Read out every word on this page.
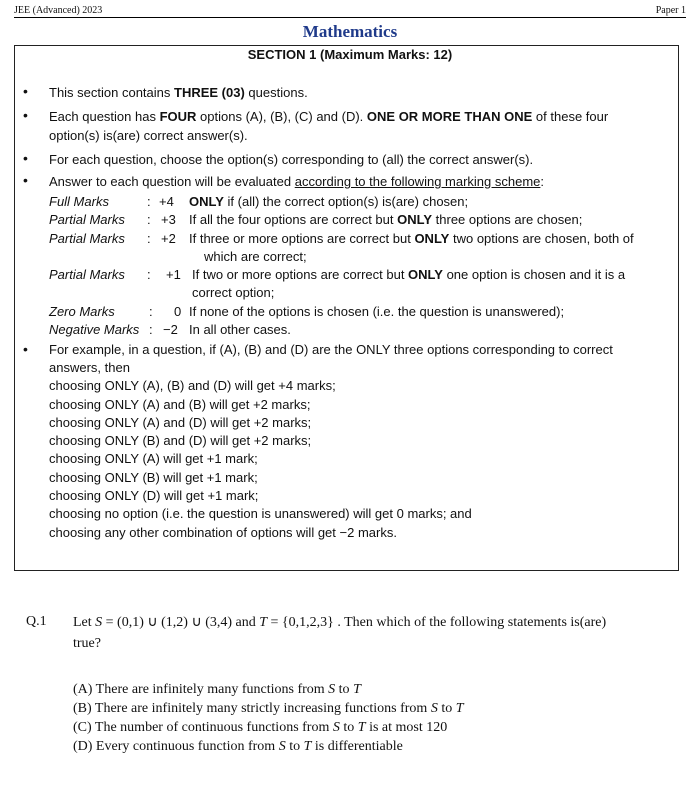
JEE (Advanced) 2023	Paper 1
Mathematics
SECTION 1 (Maximum Marks: 12)
• This section contains THREE (03) questions.
• Each question has FOUR options (A), (B), (C) and (D). ONE OR MORE THAN ONE of these four
option(s) is(are) correct answer(s).
• For each question, choose the option(s) corresponding to (all) the correct answer(s).
• Answer to each question will be evaluated according to the following marking scheme:
Full Marks	: +4 ONLY if (all) the correct option(s) is(are) chosen;
Partial Marks : +3 If all the four options are correct but ONLY three options are chosen;
Partial Marks : +2 If three or more options are correct but ONLY two options are chosen, both of
which are correct;
Partial Marks : +1 If two or more options are correct but ONLY one option is chosen and it is a
correct option;
Zero Marks	: 0 If none of the options is chosen (i.e. the question is unanswered);
Negative Marks : −2 In all other cases.
• For example, in a question, if (A), (B) and (D) are the ONLY three options corresponding to correct
answers, then
choosing ONLY (A), (B) and (D) will get +4 marks;
choosing ONLY (A) and (B) will get +2 marks;
choosing ONLY (A) and (D) will get +2 marks;
choosing ONLY (B) and (D) will get +2 marks;
choosing ONLY (A) will get +1 mark;
choosing ONLY (B) will get +1 mark;
choosing ONLY (D) will get +1 mark;
choosing no option (i.e. the question is unanswered) will get 0 marks; and
choosing any other combination of options will get −2 marks.
Q.1 Let S = (0,1) ∪ (1,2) ∪ (3,4) and T = {0,1,2,3} . Then which of the following statements is(are)
true?
(A) There are infinitely many functions from S to T
(B) There are infinitely many strictly increasing functions from S to T
(C) The number of continuous functions from S to T is at most 120
(D) Every continuous function from S to T is differentiable
